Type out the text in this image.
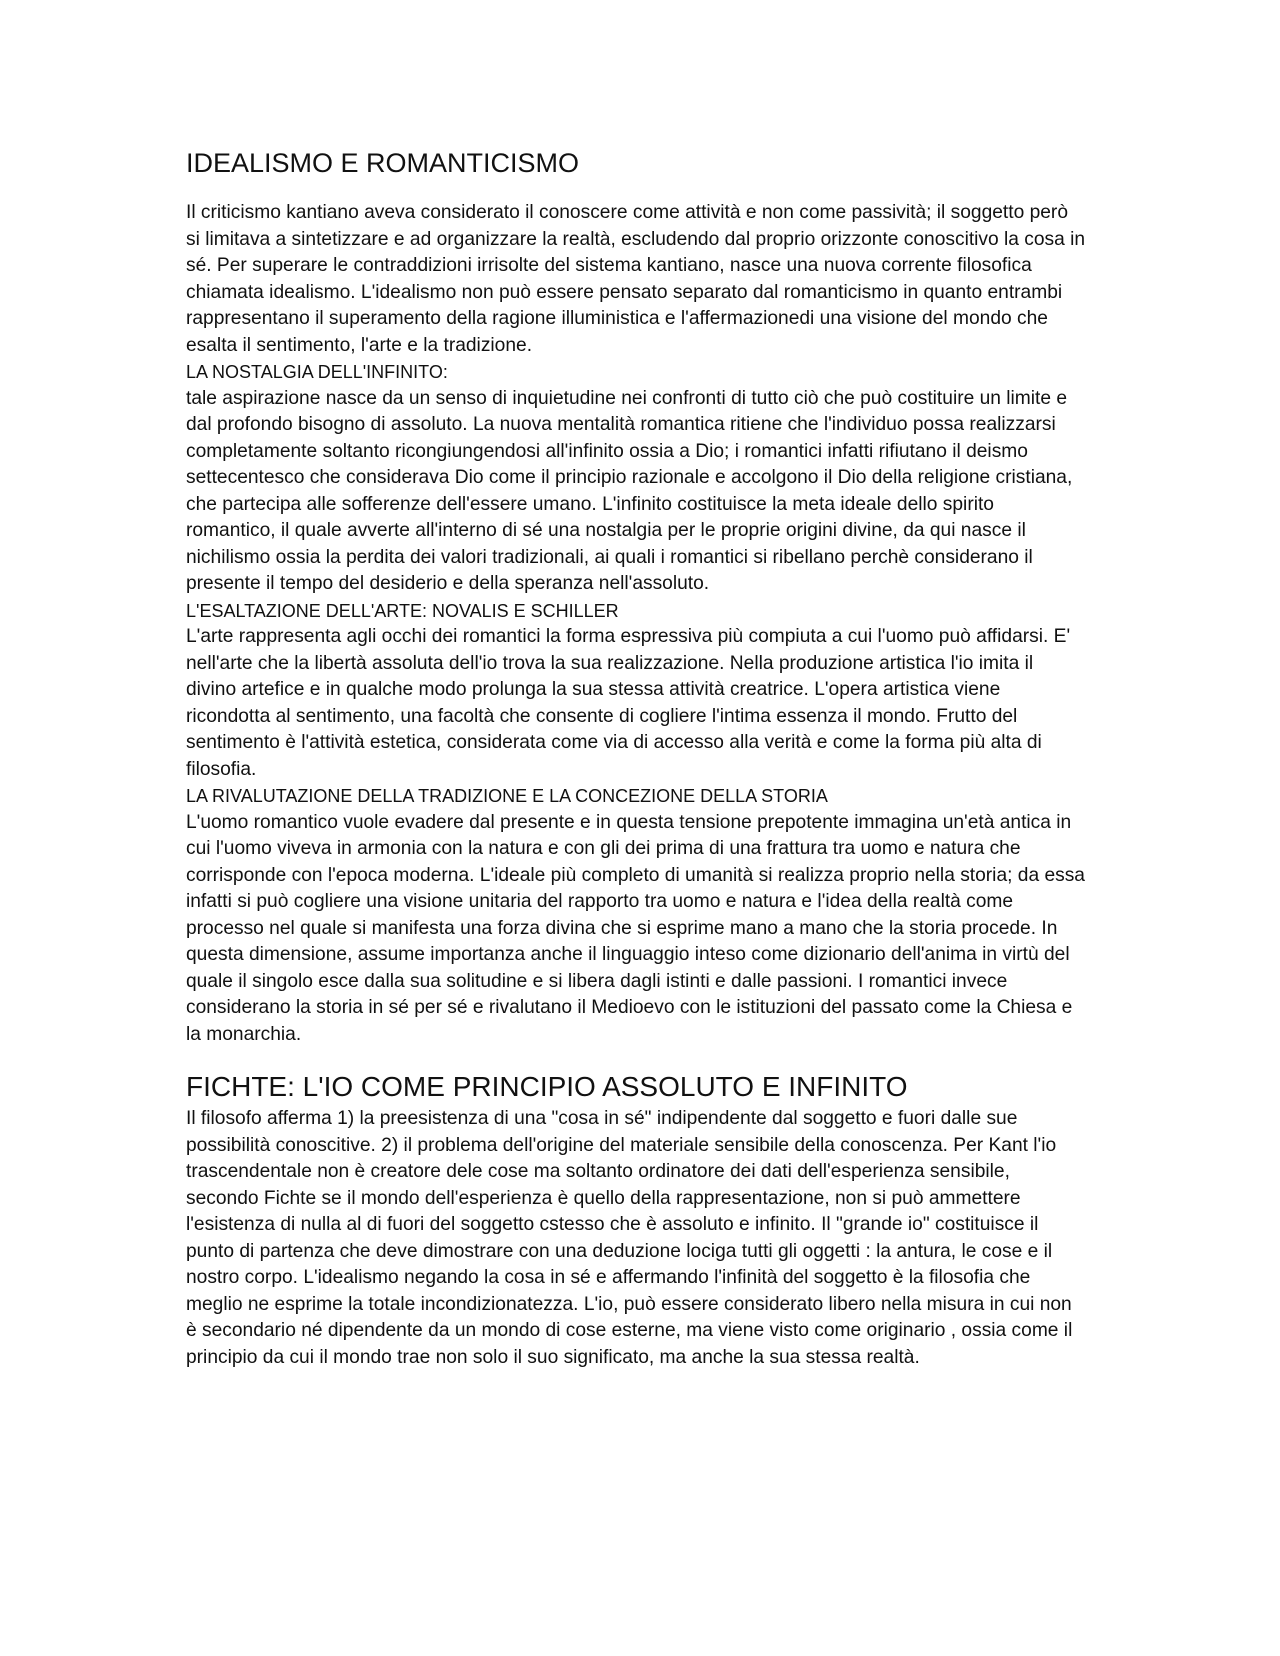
IDEALISMO E ROMANTICISMO

Il criticismo kantiano aveva considerato il conoscere come attività e non come passività; il soggetto però si limitava a sintetizzare e ad organizzare la realtà, escludendo dal proprio orizzonte conoscitivo la cosa in sé. Per superare le contraddizioni irrisolte del sistema kantiano, nasce una nuova corrente filosofica chiamata idealismo. L'idealismo non può essere pensato separato dal romanticismo in quanto entrambi rappresentano il superamento della ragione illuministica e l'affermazionedi una visione del mondo che esalta il sentimento, l'arte e la tradizione.

LA NOSTALGIA DELL'INFINITO:

tale aspirazione nasce da un senso di inquietudine nei confronti di tutto ciò che può costituire un limite e dal profondo bisogno di assoluto. La nuova mentalità romantica ritiene che l'individuo possa realizzarsi completamente soltanto ricongiungendosi all'infinito ossia a Dio; i romantici infatti rifiutano il deismo settecentesco che considerava Dio come il principio razionale e accolgono il Dio della religione cristiana, che partecipa alle sofferenze dell'essere umano. L'infinito costituisce la meta ideale dello spirito romantico, il quale avverte all'interno di sé una nostalgia per le proprie origini divine, da qui nasce il nichilismo ossia la perdita dei valori tradizionali, ai quali i romantici si ribellano perchè considerano il presente il tempo del desiderio e della speranza nell'assoluto.

L'ESALTAZIONE DELL'ARTE: NOVALIS E SCHILLER

L'arte rappresenta agli occhi dei romantici la forma espressiva più compiuta a cui l'uomo può affidarsi. E' nell'arte che la libertà assoluta dell'io trova la sua realizzazione. Nella produzione artistica l'io imita il divino artefice e in qualche modo prolunga la sua stessa attività creatrice. L'opera artistica viene ricondotta al sentimento, una facoltà che consente di cogliere l'intima essenza il mondo. Frutto del sentimento è l'attività estetica, considerata come via di accesso alla verità e come la forma più alta di filosofia.

LA RIVALUTAZIONE DELLA TRADIZIONE E LA CONCEZIONE DELLA STORIA

L'uomo romantico vuole evadere dal presente e in questa tensione prepotente immagina un'età antica in cui l'uomo viveva in armonia con la natura e con gli dei prima di una frattura tra uomo e natura che corrisponde con l'epoca moderna. L'ideale più completo di umanità si realizza proprio nella storia; da essa infatti si può cogliere una visione unitaria del rapporto tra uomo e natura e l'idea della realtà come processo nel quale si manifesta una forza divina che si esprime mano a mano che la storia procede. In questa dimensione, assume importanza anche il linguaggio inteso come dizionario dell'anima in virtù del quale il singolo esce dalla sua solitudine e si libera dagli istinti e dalle passioni. I romantici invece considerano la storia in sé per sé e rivalutano il Medioevo con le istituzioni del passato come la Chiesa e la monarchia.

FICHTE: L'IO COME PRINCIPIO ASSOLUTO E INFINITO

Il filosofo afferma 1) la preesistenza di una "cosa in sé" indipendente dal soggetto e fuori dalle sue possibilità conoscitive. 2) il problema dell'origine del materiale sensibile della conoscenza. Per Kant l'io trascendentale non è creatore dele cose ma soltanto ordinatore dei dati dell'esperienza sensibile, secondo Fichte se il mondo dell'esperienza è quello della rappresentazione, non si può ammettere l'esistenza di nulla al di fuori del soggetto cstesso che è assoluto e infinito. Il "grande io" costituisce il punto di partenza che deve dimostrare con una deduzione lociga tutti gli oggetti : la antura, le cose e il nostro corpo. L'idealismo negando la cosa in sé e affermando l'infinità del soggetto è la filosofia che meglio ne esprime la totale incondizionatezza. L'io, può essere considerato libero nella misura in cui non è secondario né dipendente da un mondo di cose esterne, ma viene visto come originario , ossia come il principio da cui il mondo trae non solo il suo significato, ma anche la sua stessa realtà.
